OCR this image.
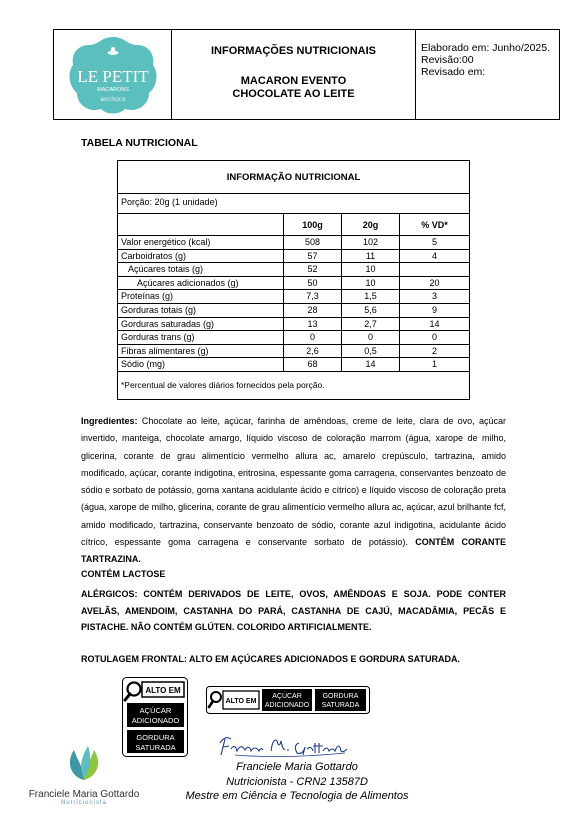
LE PETIT
MACARONS
BOUTIQUE
INFORMAÇÕES NUTRICIONAIS
MACARON EVENTO
CHOCOLATE AO LEITE
Elaborado em: Junho/2025.
Revisão:00
Revisado em:
TABELA NUTRICIONAL
INFORMAÇÃO NUTRICIONAL
Porção: 20g (1 unidade)
100g	20g	% VD*
Valor energético (kcal)	508	102	5
Carboidratos (g)	57	11	4
Açúcares totais (g)	52	10
Açúcares adicionados (g)	50	10	20
Proteínas (g)	7,3	1,5	3
Gorduras totais (g)	28	5,6	9
Gorduras saturadas (g)	13	2,7	14
Gorduras trans (g)	0	0	0
Fibras alimentares (g)	2,6	0,5	2
Sódio (mg)	68	14	1
*Percentual de valores diários fornecidos pela porção.
Ingredientes: Chocolate ao leite, açúcar, farinha de amêndoas, creme de leite, clara de ovo, açúcar invertido, manteiga, chocolate amargo, líquido viscoso de coloração marrom (água, xarope de milho, glicerina, corante de grau alimentício vermelho allura ac, amarelo crepúsculo, tartrazina, amido modificado, açúcar, corante indigotina, eritrosina, espessante goma carragena, conservantes benzoato de sódio e sorbato de potássio, goma xantana acidulante ácido e cítrico) e líquido viscoso de coloração preta (água, xarope de milho, glicerina, corante de grau alimentício vermelho allura ac, açúcar, azul brilhante fcf, amido modificado, tartrazina, conservante benzoato de sódio, corante azul indigotina, acidulante ácido cítrico, espessante goma carragena e conservante sorbato de potássio). CONTÉM CORANTE TARTRAZINA.
CONTÉM LACTOSE
ALÉRGICOS: CONTÉM DERIVADOS DE LEITE, OVOS, AMÊNDOAS E SOJA. PODE CONTER AVELÃS, AMENDOIM, CASTANHA DO PARÁ, CASTANHA DE CAJÚ, MACADÂMIA, PECÃS E PISTACHE. NÃO CONTÉM GLÚTEN. COLORIDO ARTIFICIALMENTE.
ROTULAGEM FRONTAL: ALTO EM AÇÚCARES ADICIONADOS E GORDURA SATURADA.
ALTO EM
AÇÚCAR
ADICIONADO
GORDURA
SATURADA
ALTO EM
AÇÚCAR
ADICIONADO
GORDURA
SATURADA
Franciele Maria Gottardo
Nutricionista - CRN2 13587D
Mestre em Ciência e Tecnologia de Alimentos
Franciele Maria Gottardo
Nutricionista
